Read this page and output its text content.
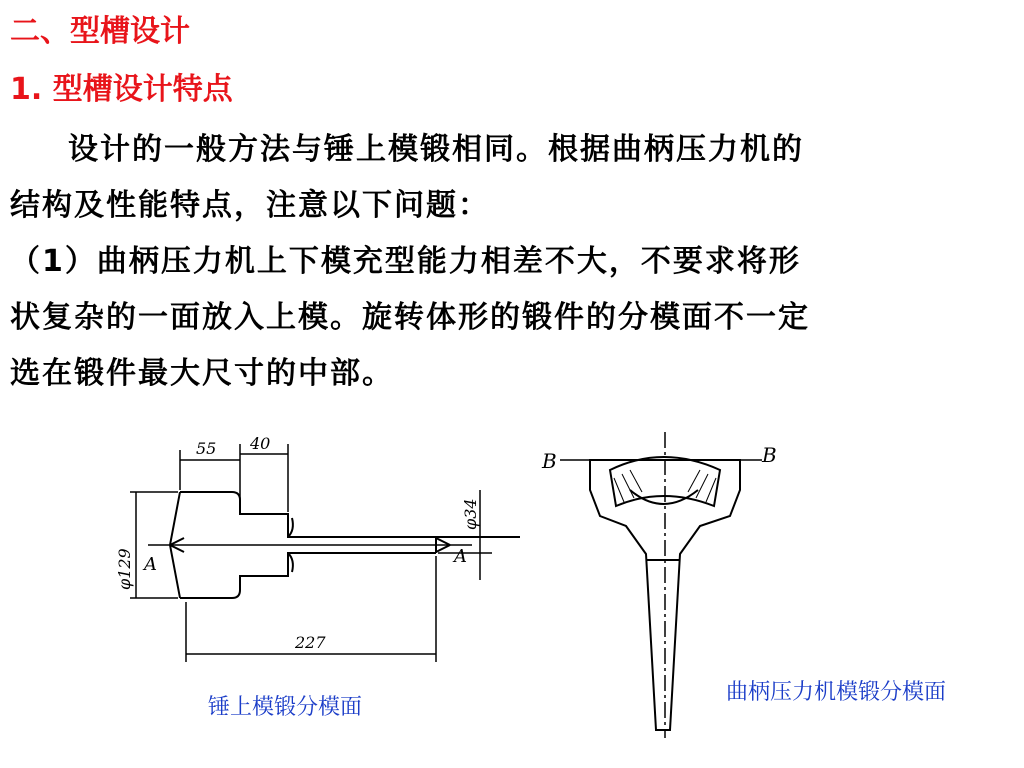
二、型槽设计
1. 型槽设计特点

设计的一般方法与锤上模锻相同。根据曲柄压力机的

结构及性能特点，注意以下问题：

（1）曲柄压力机上下模充型能力相差不大，不要求将形

状复杂的一面放入上模。旋转体形的锻件的分模面不一定

选在锻件最大尺寸的中部。

55 40
227
φ129
φ34
A	A
B	B
锤上模锻分模面
曲柄压力机模锻分模面
